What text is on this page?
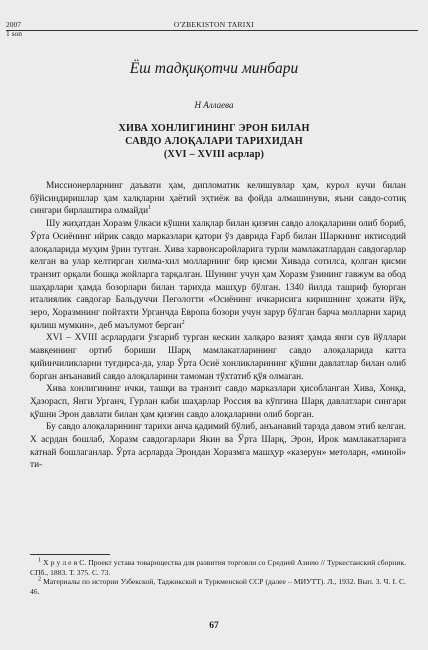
2007
1 son
O'ZBEKISTON TARIXI
Ёш тадқиқотчи минбари
Н Аллаева
ХИВА ХОНЛИГИНИНГ ЭРОН БИЛАН
САВДО АЛОҚАЛАРИ ТАРИХИДАН
(XVI – XVIII асрлар)

Миссионерларнинг даъвати ҳам, дипломатик келишувлар ҳам, курол кучи билан бўйсиндиришлар ҳам халқларни ҳаётий эҳтиёж ва фойда алмашинуви, яъни савдо-сотиқ сингари бирлаштира олмайди$^1$

Шу жиҳатдан Хоразм ўлкаси кўшни халқлар билан қизғин савдо алоқаларини олиб бориб, Ўрта Осиёнинг ийрик савдо марказлари қатори ўз даврида Ғарб билан Шаркнинг иктисодий алоқаларида муҳим ўрин тутган. Хива харвонсаройларига турли мамлакатлардан савдогарлар келган ва улар келтирган хилма-хил молларнинг бир қисми Хивада сотилса, қолган қисми транзит орқали бошқа жойларга тарқалган. Шунинг учун ҳам Хоразм ўзининг гавжум ва обод шаҳарлари ҳамда бозорлари билан тарихда машҳур бўлган. 1340 йилда ташриф буюрган италиялик савдогар Бальдуччи Пеголотти «Осиёнинг ичкарисига киришнинг ҳожати йўқ, зеро, Хоразмнинг пойтахти Урганчда Европа бозори учун зарур бўлган барча молларни харид қилиш мумкин», деб маълумот берган$^2$

XVI – XVIII асрлардаги ўзгариб турган кескин халқаро вазият ҳамда янги сув йўллари мавқеининг ортиб бориши Шарқ мамлакатларининг савдо алоқаларида катта қийинчиликларни туғдирса-да, улар Ўрта Осиё хонликларининг қўшни давлатлар билан олиб борган анъанавий савдо алоқаларини тамоман тўхтатиб қўя олмаган.

Хива хонлигининг ички, ташқи ва транзит савдо марказлари ҳисобланган Хива, Хонқа, Ҳазорасп, Янги Урганч, Гурлан каби шаҳарлар Россия ва кўпгина Шарқ давлатлари сингари қўшни Эрон давлати билан ҳам қизғин савдо алоқаларини олиб борган.

Бу савдо алоқаларининг тарихи анча қадимий бўлиб, анъанавий тарзда давом этиб келган. Х асрдан бошлаб, Хоразм савдогарлари Якин ва Ўрта Шарқ, Эрон, Ирок мамлакатларига катнай бошлаганлар. Ўрта асрларда Эрондан Хоразмга машҳур «казерун» метоларн, «миной» ти-

$^1$ Х р у л е в С. Проект устава товарищества для развития торговли со Средней Азиею // Туркестанский сборник. СПб., 1883. Т. 375. С. 73.

$^2$ Материалы по истории Узбекской, Таджикской и Туркменской ССР (далее – МИУТТ). Л., 1932. Вып. 3. Ч. I. С. 46.

67
